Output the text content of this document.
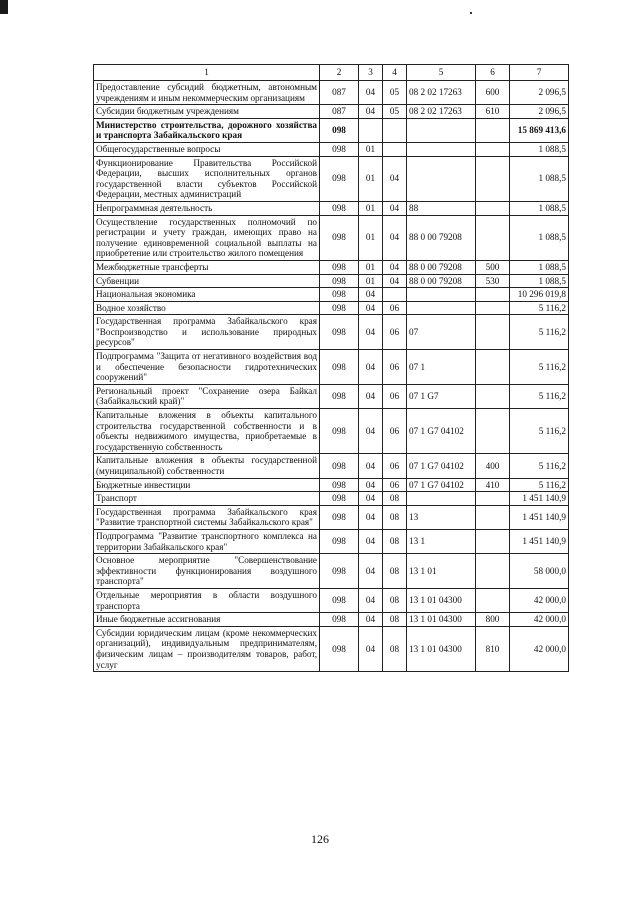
1	2	3	4	5	6	7
Предоставление субсидий бюджетным, автономным учреждениям и иным некоммерческим организациям	087	04	05	08 2 02 17263	600	2 096,5
Субсидии бюджетным учреждениям	087	04	05	08 2 02 17263	610	2 096,5
Министерство строительства, дорожного хозяйства и транспорта Забайкальского края	098					15 869 413,6
Общегосударственные вопросы	098	01				1 088,5
Функционирование Правительства Российской Федерации, высших исполнительных органов государственной власти субъектов Российской Федерации, местных администраций	098	01	04			1 088,5
Непрограммная деятельность	098	01	04	88		1 088,5
Осуществление государственных полномочий по регистрации и учету граждан, имеющих право на получение единовременной социальной выплаты на приобретение или строительство жилого помещения	098	01	04	88 0 00 79208		1 088,5
Межбюджетные трансферты	098	01	04	88 0 00 79208	500	1 088,5
Субвенции	098	01	04	88 0 00 79208	530	1 088,5
Национальная экономика	098	04				10 296 019,8
Водное хозяйство	098	04	06			5 116,2
Государственная программа Забайкальского края "Воспроизводство и использование природных ресурсов"	098	04	06	07		5 116,2
Подпрограмма "Защита от негативного воздействия вод и обеспечение безопасности гидротехнических сооружений"	098	04	06	07 1		5 116,2
Региональный проект "Сохранение озера Байкал (Забайкальский край)"	098	04	06	07 1 G7		5 116,2
Капитальные вложения в объекты капитального строительства государственной собственности и в объекты недвижимого имущества, приобретаемые в государственную собственность	098	04	06	07 1 G7 04102		5 116,2
Капитальные вложения в объекты государственной (муниципальной) собственности	098	04	06	07 1 G7 04102	400	5 116,2
Бюджетные инвестиции	098	04	06	07 1 G7 04102	410	5 116,2
Транспорт	098	04	08			1 451 140,9
Государственная программа Забайкальского края "Развитие транспортной системы Забайкальского края"	098	04	08	13		1 451 140,9
Подпрограмма "Развитие транспортного комплекса на территории Забайкальского края"	098	04	08	13 1		1 451 140,9
Основное мероприятие "Совершенствование эффективности функционирования воздушного транспорта"	098	04	08	13 1 01		58 000,0
Отдельные мероприятия в области воздушного транспорта	098	04	08	13 1 01 04300		42 000,0
Иные бюджетные ассигнования	098	04	08	13 1 01 04300	800	42 000,0
Субсидии юридическим лицам (кроме некоммерческих организаций), индивидуальным предпринимателям, физическим лицам – производителям товаров, работ, услуг	098	04	08	13 1 01 04300	810	42 000,0
126
